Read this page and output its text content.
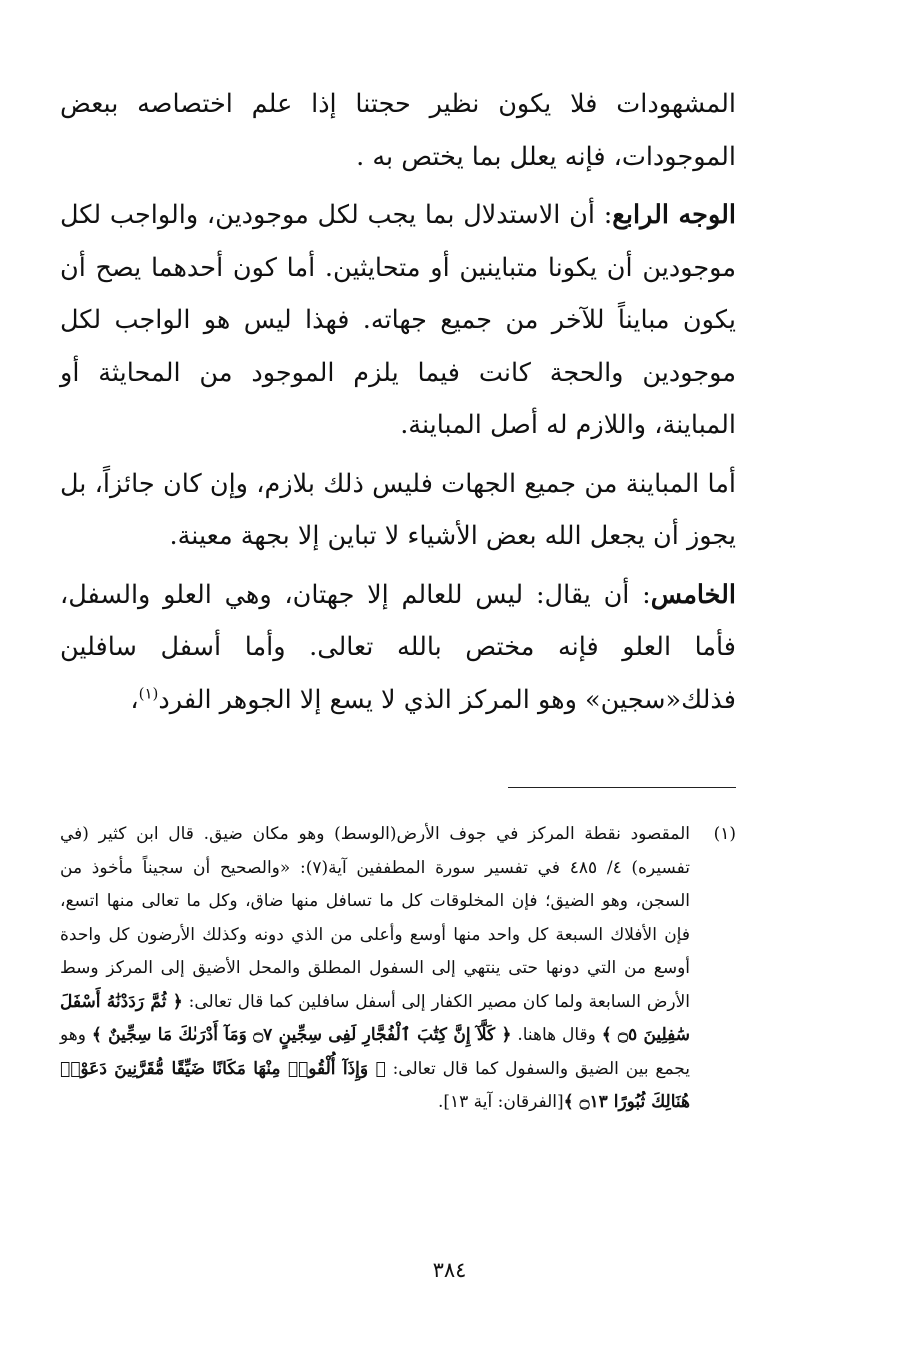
المشهودات فلا يكون نظير حجتنا إذا علم اختصاصه ببعض الموجودات، فإنه يعلل بما يختص به .

الوجه الرابع: أن الاستدلال بما يجب لكل موجودين، والواجب لكل موجودين أن يكونا متباينين أو متحايثين. أما كون أحدهما يصح أن يكون مبايناً للآخر من جميع جهاته. فهذا ليس هو الواجب لكل موجودين والحجة كانت فيما يلزم الموجود من المحايثة أو المباينة، واللازم له أصل المباينة.

أما المباينة من جميع الجهات فليس ذلك بلازم، وإن كان جائزاً، بل يجوز أن يجعل الله بعض الأشياء لا تباين إلا بجهة معينة.

الخامس: أن يقال: ليس للعالم إلا جهتان، وهي العلو والسفل، فأما العلو فإنه مختص بالله تعالى. وأما أسفل سافلين فذلك«سجين» وهو المركز الذي لا يسع إلا الجوهر الفرد$^{(١)}$،

(١)
المقصود نقطة المركز في جوف الأرض(الوسط) وهو مكان ضيق. قال ابن كثير (في تفسيره) ٤/ ٤٨٥ في تفسير سورة المطففين آية(٧): «والصحيح أن سجيناً مأخوذ من السجن، وهو الضيق؛ فإن المخلوقات كل ما تسافل منها ضاق، وكل ما تعالى منها اتسع، فإن الأفلاك السبعة كل واحد منها أوسع وأعلى من الذي دونه وكذلك الأرضون كل واحدة أوسع من التي دونها حتى ينتهي إلى السفول المطلق والمحل الأضيق إلى المركز وسط الأرض السابعة ولما كان مصير الكفار إلى أسفل سافلين كما قال تعالى: ﴿ ثُمَّ رَدَدْنَٰهُ أَسْفَلَ سَٰفِلِينَ ۝٥ ﴾ وقال هاهنا. ﴿ كَلَّآ إِنَّ كِتَٰبَ ٱلْفُجَّارِ لَفِى سِجِّينٍ ۝٧ وَمَآ أَدْرَىٰكَ مَا سِجِّينٌ ﴾ وهو يجمع بين الضيق والسفول كما قال تعالى: ﴿ وَإِذَآ أُلْقُوا۟ مِنْهَا مَكَانًا ضَيِّقًا مُّقَرَّنِينَ دَعَوْا۟ هُنَالِكَ ثُبُورًا ۝١٣ ﴾[الفرقان: آية ١٣].
٣٨٤
